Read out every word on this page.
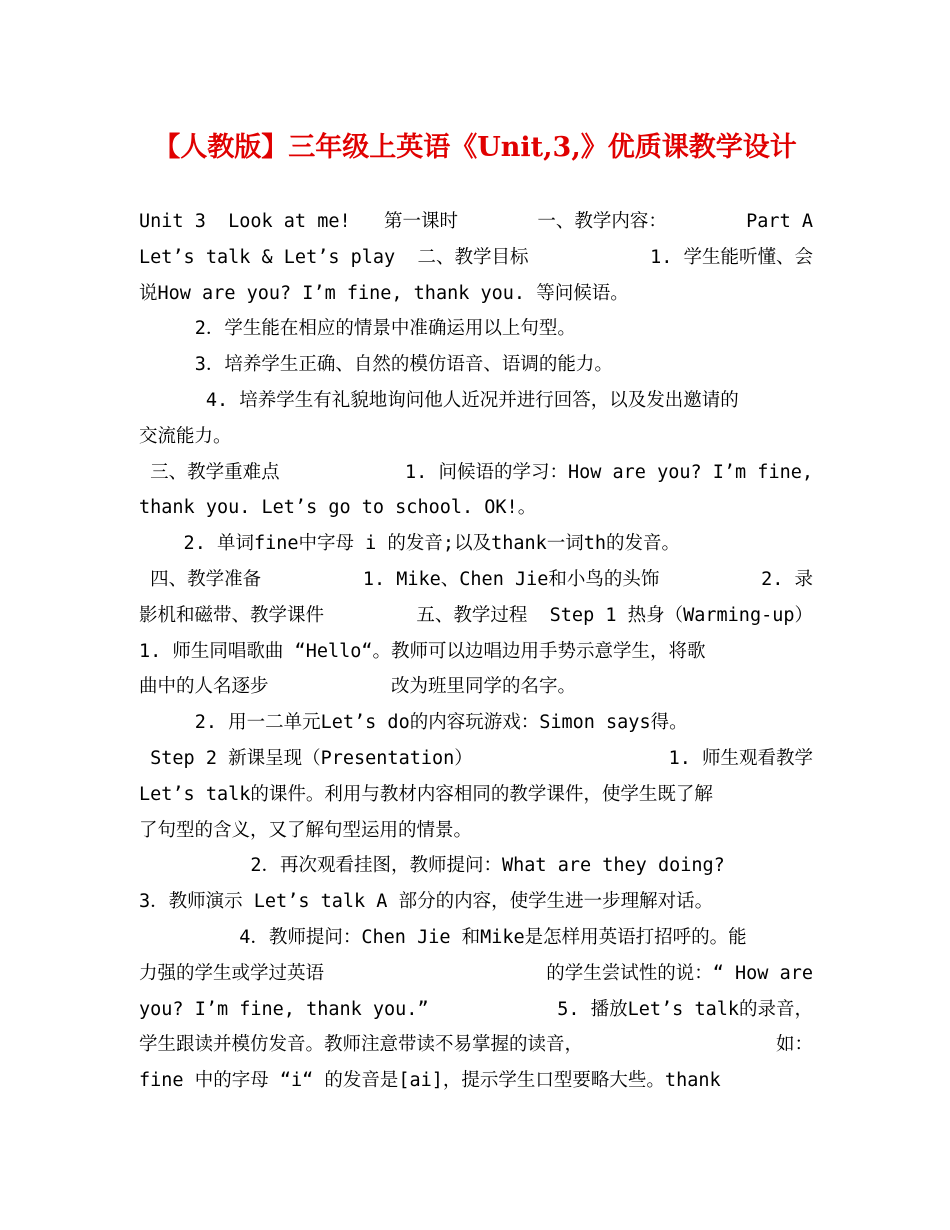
【人教版】三年级上英语《Unit,3,》优质课教学设计
Unit 3  Look at me!   第一课时	一、教学内容：	Part A
Let’s talk & Let’s play  二、教学目标	1. 学生能听懂、会
说How are you? I’m fine, thank you. 等问候语。
2．学生能在相应的情景中准确运用以上句型。
3．培养学生正确、自然的模仿语音、语调的能力。
4. 培养学生有礼貌地询问他人近况并进行回答，以及发出邀请的
交流能力。
三、教学重难点	1. 问候语的学习：How are you? I’m fine,
thank you. Let’s go to school. OK!。
2. 单词fine中字母 i 的发音;以及thank一词th的发音。
四、教学准备	1. Mike、Chen Jie和小鸟的头饰	2. 录
影机和磁带、教学课件	五、教学过程  Step 1 热身（Warming-up）
1. 师生同唱歌曲 “Hello“。教师可以边唱边用手势示意学生，将歌
曲中的人名逐步           改为班里同学的名字。
2. 用一二单元Let’s do的内容玩游戏：Simon says得。
Step 2 新课呈现（Presentation）	1. 师生观看教学
Let’s talk的课件。利用与教材内容相同的教学课件，使学生既了解
了句型的含义，又了解句型运用的情景。
2．再次观看挂图，教师提问：What are they doing?
3．教师演示 Let’s talk A 部分的内容，使学生进一步理解对话。
4．教师提问：Chen Jie 和Mike是怎样用英语打招呼的。能
力强的学生或学过英语	的学生尝试性的说：“ How are
you? I’m fine, thank you.”	5. 播放Let’s talk的录音，
学生跟读并模仿发音。教师注意带读不易掌握的读音，	如：
fine 中的字母 “i“ 的发音是[ai]，提示学生口型要略大些。thank
